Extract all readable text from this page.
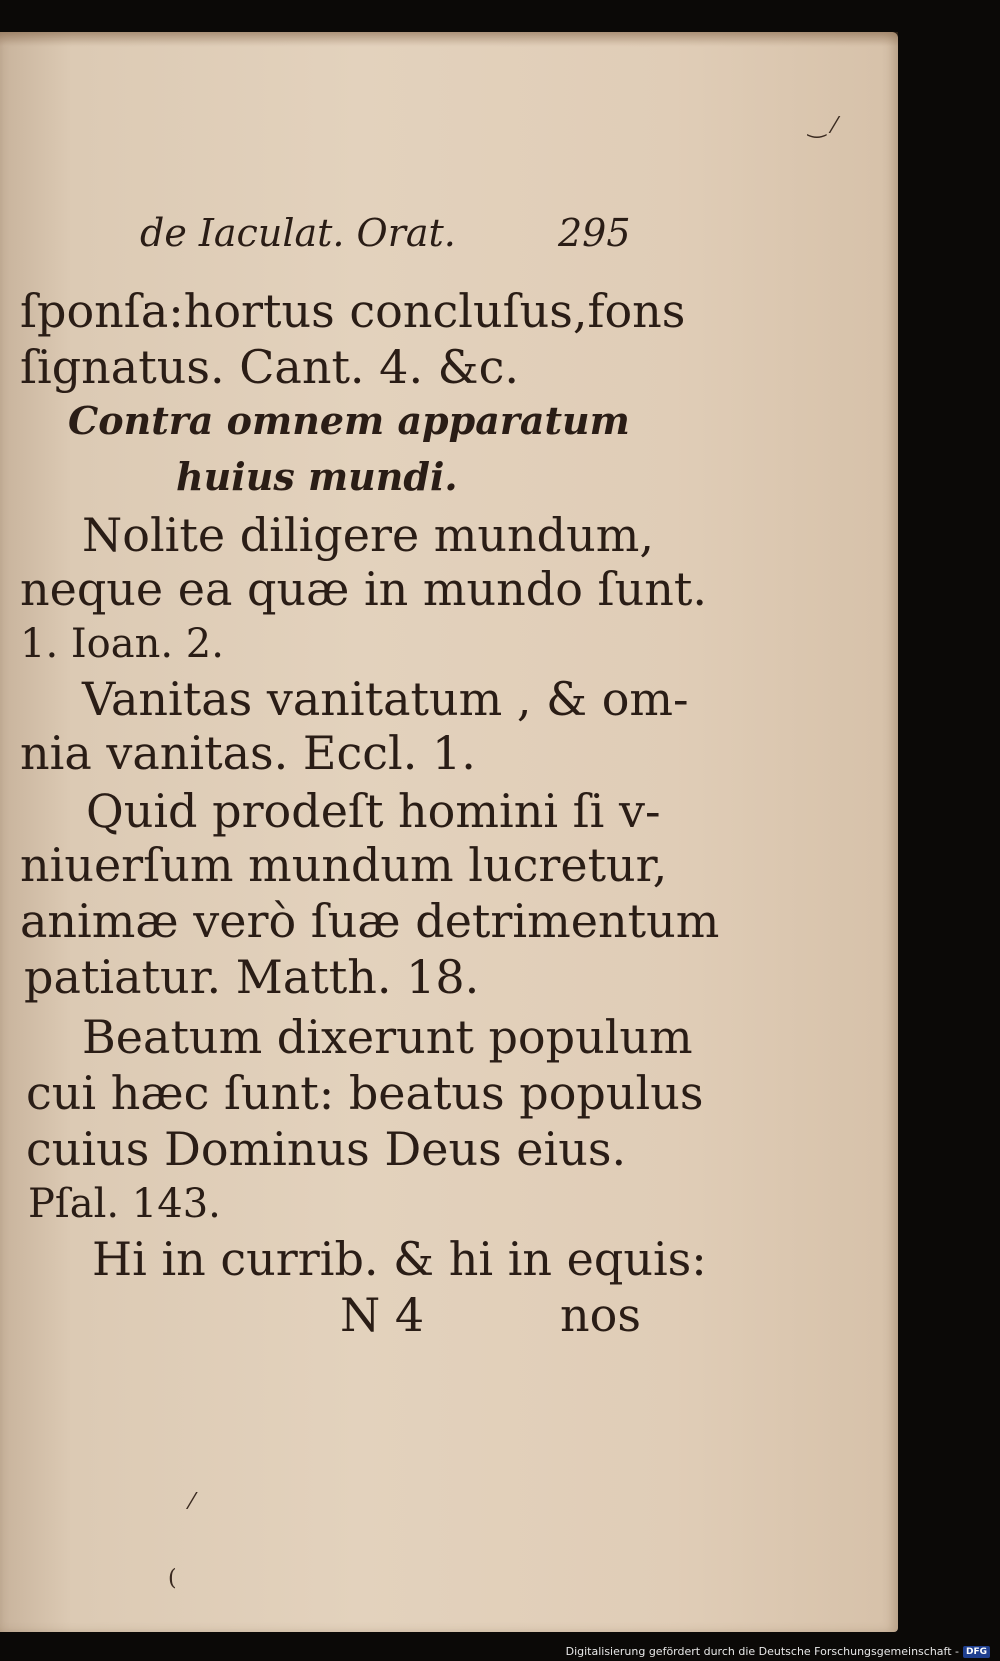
‿ ⁄
de Iaculat. Orat.	295
ſponſa:hortus concluſus,fons
ſignatus. Cant. 4. &c.
Contra omnem apparatum
huius mundi.
Nolite diligere mundum,
neque ea quæ in mundo ſunt.
1. Ioan. 2.
Vanitas vanitatum , & om-
nia vanitas. Eccl. 1.
Quid prodeſt homini ſi v-
niuerſum mundum lucretur,
animæ verò ſuæ detrimentum
patiatur. Matth. 18.
Beatum dixerunt populum
cui hæc ſunt: beatus populus
cuius Dominus Deus eius.
Pſal. 143.
Hi in currib. & hi in equis:
N 4	nos
⁄
(
Digitalisierung gefördert durch die Deutsche Forschungsgemeinschaft - DFG
